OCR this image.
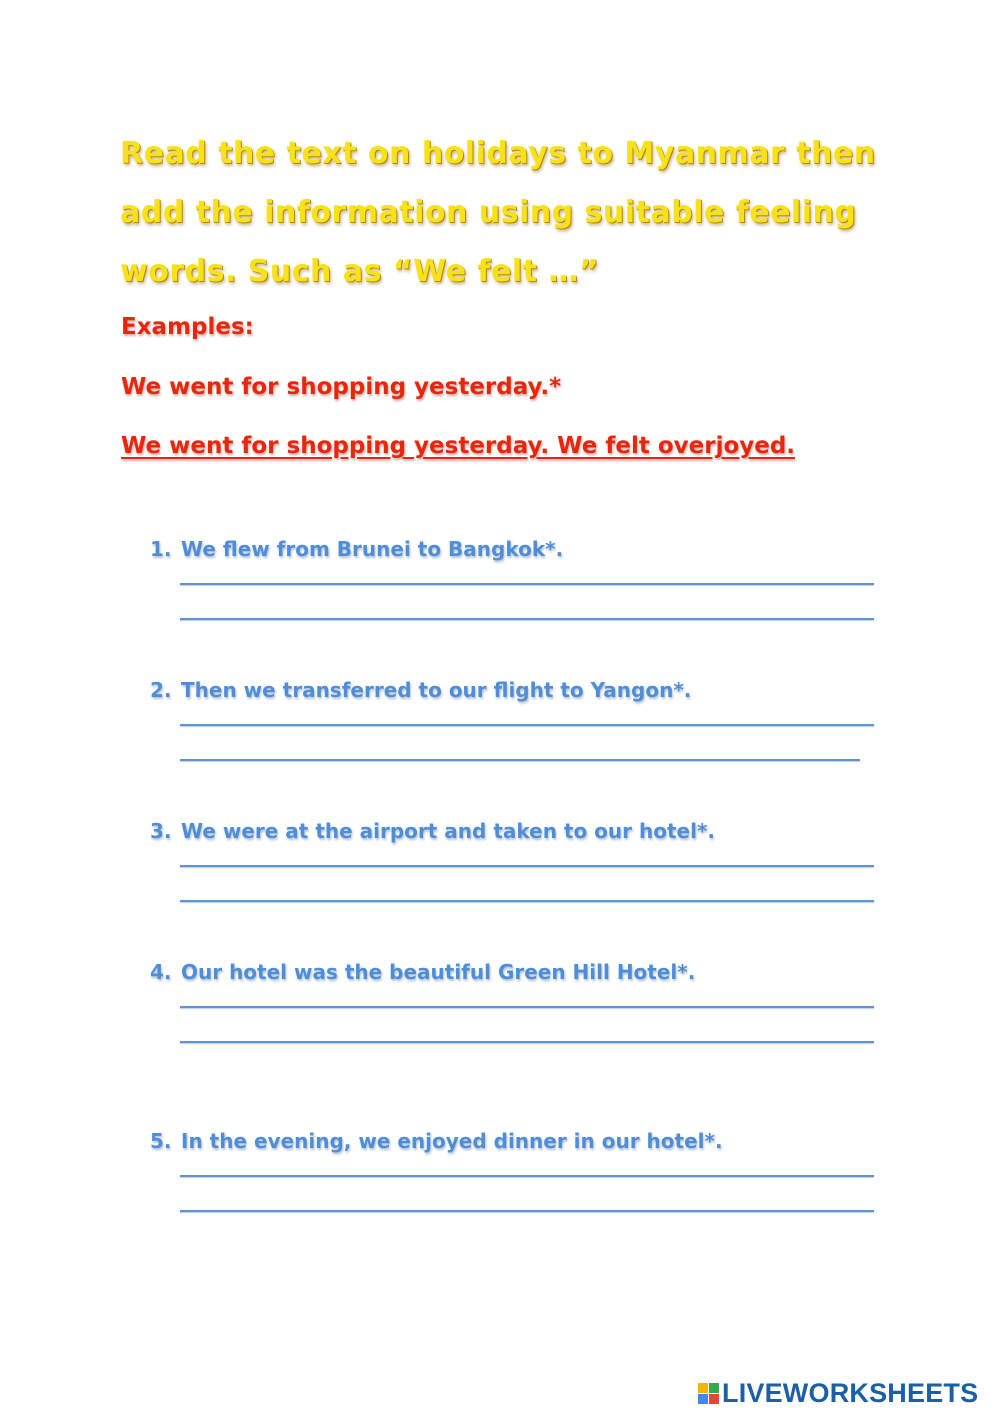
Read the text on holidays to Myanmar then add the information using suitable feeling words. Such as “We felt …”
Examples:
We went for shopping yesterday.*
We went for shopping yesterday. We felt overjoyed.
1. We flew from Brunei to Bangkok*.
2. Then we transferred to our flight to Yangon*.
3. We were at the airport and taken to our hotel*.
4. Our hotel was the beautiful Green Hill Hotel*.
5. In the evening, we enjoyed dinner in our hotel*.
LIVEWORKSHEETS
